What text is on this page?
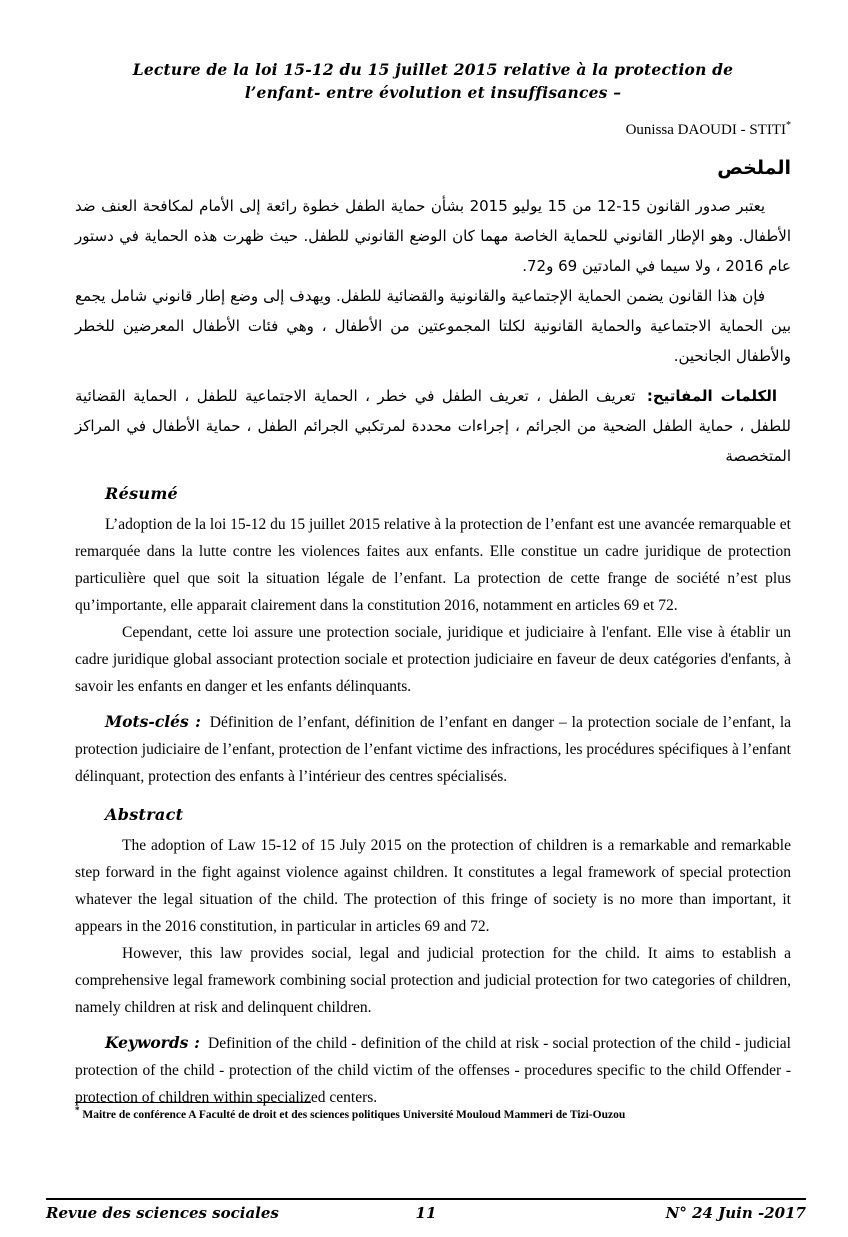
Lecture de la loi 15-12 du 15 juillet 2015 relative à la protection de l’enfant- entre évolution et insuffisances –
Ounissa DAOUDI - STITI*
الملخص

يعتبر صدور القانون 15-12 من 15 يوليو 2015 بشأن حماية الطفل خطوة رائعة إلى الأمام لمكافحة العنف ضد الأطفال. وهو الإطار القانوني للحماية الخاصة مهما كان الوضع القانوني للطفل. حيث ظهرت هذه الحماية في دستور عام 2016 ، ولا سيما في المادتين 69 و72.

فإن هذا القانون يضمن الحماية الإجتماعية والقانونية والقضائية للطفل. ويهدف إلى وضع إطار قانوني شامل يجمع بين الحماية الاجتماعية والحماية القانونية لكلتا المجموعتين من الأطفال ، وهي فئات الأطفال المعرضين للخطر والأطفال الجانحين.

الكلمات المفاتيح: تعريف الطفل ، تعريف الطفل في خطر ، الحماية الاجتماعية للطفل ، الحماية القضائية للطفل ، حماية الطفل الضحية من الجرائم ، إجراءات محددة لمرتكبي الجرائم الطفل ، حماية الأطفال في المراكز المتخصصة

Résumé

L’adoption de la loi 15-12 du 15 juillet 2015 relative à la protection de l’enfant est une avancée remarquable et remarquée dans la lutte contre les violences faites aux enfants. Elle constitue un cadre juridique de protection particulière quel que soit la situation légale de l’enfant. La protection de cette frange de société n’est plus qu’importante, elle apparait clairement dans la constitution 2016, notamment en articles 69 et 72.

Cependant, cette loi assure une protection sociale, juridique et judiciaire à l'enfant. Elle vise à établir un cadre juridique global associant protection sociale et protection judiciaire en faveur de deux catégories d'enfants, à savoir les enfants en danger et les enfants délinquants.

Mots-clés : Définition de l’enfant, définition de l’enfant en danger – la protection sociale de l’enfant, la protection judiciaire de l’enfant, protection de l’enfant victime des infractions, les procédures spécifiques à l’enfant délinquant, protection des enfants à l’intérieur des centres spécialisés.

Abstract

The adoption of Law 15-12 of 15 July 2015 on the protection of children is a remarkable and remarkable step forward in the fight against violence against children. It constitutes a legal framework of special protection whatever the legal situation of the child. The protection of this fringe of society is no more than important, it appears in the 2016 constitution, in particular in articles 69 and 72.

However, this law provides social, legal and judicial protection for the child. It aims to establish a comprehensive legal framework combining social protection and judicial protection for two categories of children, namely children at risk and delinquent children.

Keywords : Definition of the child - definition of the child at risk - social protection of the child - judicial protection of the child - protection of the child victim of the offenses - procedures specific to the child Offender - protection of children within specialized centers.

* Maitre de conférence A Faculté de droit et des sciences politiques Université Mouloud Mammeri de Tizi-Ouzou
Revue des sciences sociales	11	N° 24 Juin -2017
